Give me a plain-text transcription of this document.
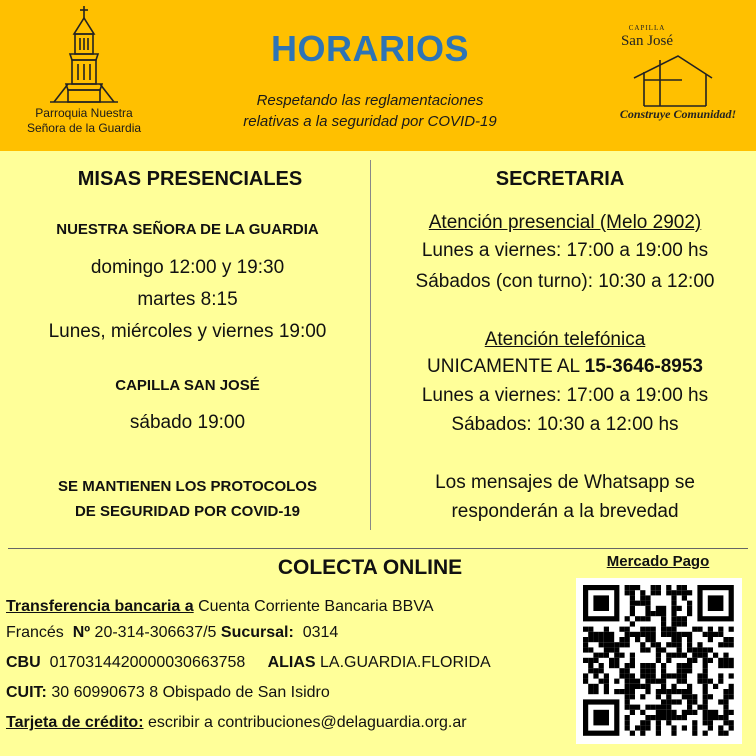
Parroquia Nuestra
Señora de la Guardia
HORARIOS
Respetando las reglamentaciones
relativas a la seguridad por COVID-19
CAPILLA
San José
Construye Comunidad!
MISAS PRESENCIALES
NUESTRA SEÑORA DE LA GUARDIA
domingo 12:00 y 19:30
martes 8:15
Lunes, miércoles y viernes 19:00
CAPILLA SAN JOSÉ
sábado 19:00
SE MANTIENEN LOS PROTOCOLOS
DE SEGURIDAD POR COVID-19
SECRETARIA
Atención presencial (Melo 2902)
Lunes a viernes: 17:00 a 19:00 hs
Sábados (con turno): 10:30 a 12:00
Atención telefónica
UNICAMENTE AL 15-3646-8953
Lunes a viernes: 17:00 a 19:00 hs
Sábados: 10:30 a 12:00 hs
Los mensajes de Whatsapp se
responderán a la brevedad
COLECTA ONLINE
Transferencia bancaria a Cuenta Corriente Bancaria BBVA
Francés Nº 20-314-306637/5 Sucursal: 0314
CBU 0170314420000030663758 ALIAS LA.GUARDIA.FLORIDA
CUIT: 30 60990673 8 Obispado de San Isidro
Tarjeta de crédito: escribir a contribuciones@delaguardia.org.ar
Mercado Pago
